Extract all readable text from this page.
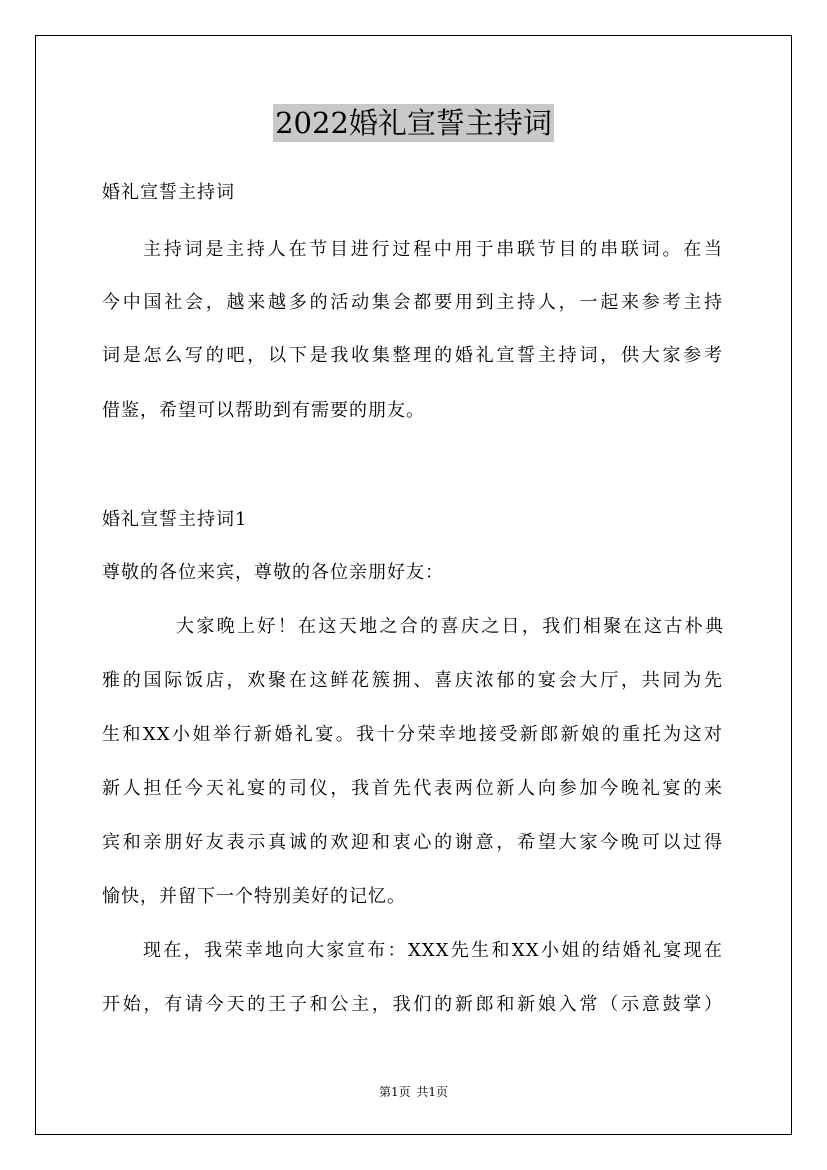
2022婚礼宣誓主持词
婚礼宣誓主持词
主持词是主持人在节目进行过程中用于串联节目的串联词。在当
今中国社会，越来越多的活动集会都要用到主持人，一起来参考主持
词是怎么写的吧，以下是我收集整理的婚礼宣誓主持词，供大家参考
借鉴，希望可以帮助到有需要的朋友。
婚礼宣誓主持词1
尊敬的各位来宾，尊敬的各位亲朋好友：
大家晚上好！在这天地之合的喜庆之日，我们相聚在这古朴典
雅的国际饭店，欢聚在这鲜花簇拥、喜庆浓郁的宴会大厅，共同为先
生和XX小姐举行新婚礼宴。我十分荣幸地接受新郎新娘的重托为这对
新人担任今天礼宴的司仪，我首先代表两位新人向参加今晚礼宴的来
宾和亲朋好友表示真诚的欢迎和衷心的谢意，希望大家今晚可以过得
愉快，并留下一个特别美好的记忆。
现在，我荣幸地向大家宣布：XXX先生和XX小姐的结婚礼宴现在
开始，有请今天的王子和公主，我们的新郎和新娘入常（示意鼓掌）
第1页 共1页
